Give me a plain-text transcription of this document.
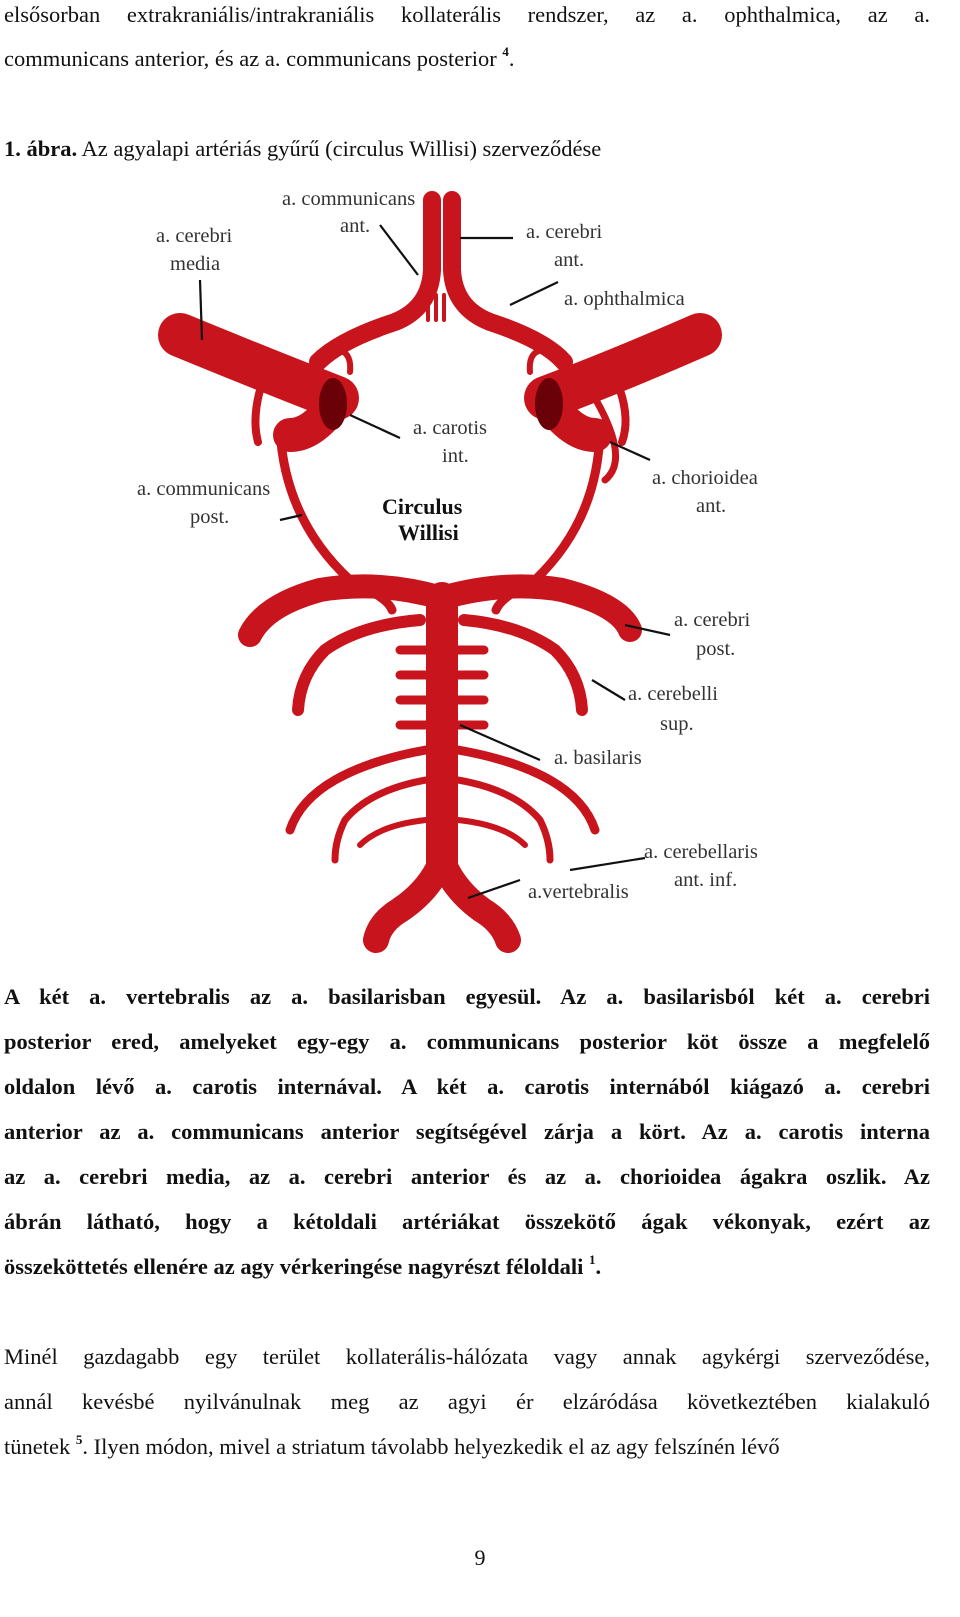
elsősorban extrakraniális/intrakraniális kollaterális rendszer, az a. ophthalmica, az a.
communicans anterior, és az a. communicans posterior $^4$.
1. ábra. Az agyalapi artériás gyűrű (circulus Willisi) szerveződése
a. communicans
ant.
a. cerebri
media
a. cerebri
ant.
a. ophthalmica
a. carotis
int.
a. communicans
post.
a. chorioidea
ant.
Circulus
Willisi
a. cerebri
post.
a. cerebelli
sup.
a. basilaris
a. cerebellaris
ant. inf.
a.vertebralis
A két a. vertebralis az a. basilarisban egyesül. Az a. basilarisból két a. cerebri
posterior ered, amelyeket egy-egy a. communicans posterior köt össze a megfelelő
oldalon lévő a. carotis internával. A két a. carotis internából kiágazó a. cerebri
anterior az a. communicans anterior segítségével zárja a kört. Az a. carotis interna
az a. cerebri media, az a. cerebri anterior és az a. chorioidea ágakra oszlik. Az
ábrán látható, hogy a kétoldali artériákat összekötő ágak vékonyak, ezért az
összeköttetés ellenére az agy vérkeringése nagyrészt féloldali $^1$.
Minél gazdagabb egy terület kollaterális-hálózata vagy annak agykérgi szerveződése,
annál kevésbé nyilvánulnak meg az agyi ér elzáródása következtében kialakuló
tünetek $^5$. Ilyen módon, mivel a striatum távolabb helyezkedik el az agy felszínén lévő
9
